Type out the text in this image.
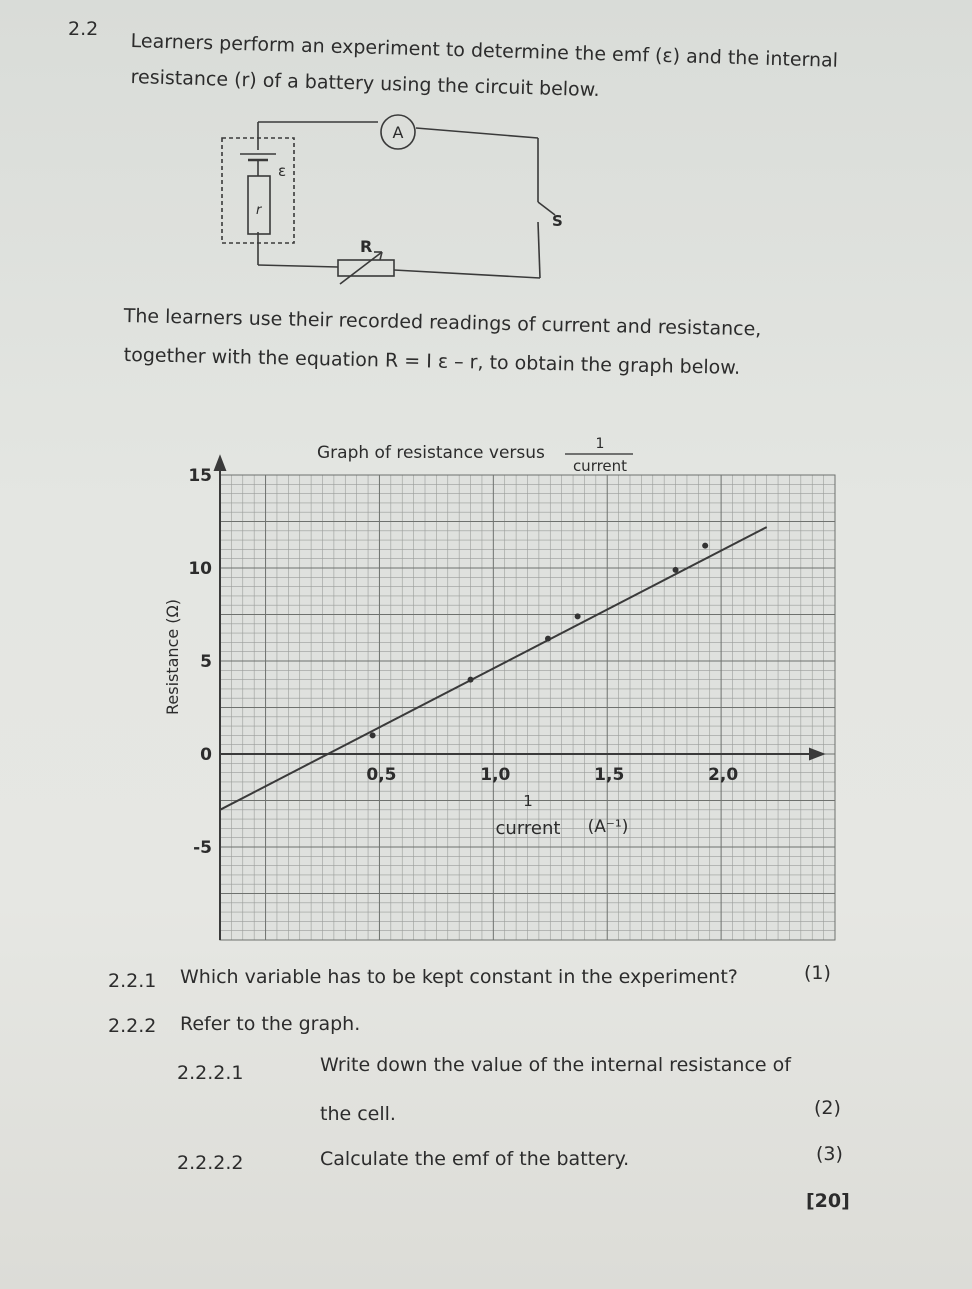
2.2
Learners perform an experiment to determine the emf (ε) and the internal
resistance (r) of a battery using the circuit below.
A
ε
r
S
R
The learners use their recorded readings of current and resistance,
together with the equation R = I ε – r, to obtain the graph below.
0,5	1,0	1,5	2,0
15
10
5
0
-5
Graph of resistance versus	1
current
Resistance (Ω)
1
current (A⁻¹)
2.2.1 Which variable has to be kept constant in the experiment?	(1)
2.2.2 Refer to the graph.
2.2.2.1	Write down the value of the internal resistance of
the cell.	(2)
2.2.2.2	Calculate the emf of the battery.	(3)
[20]
